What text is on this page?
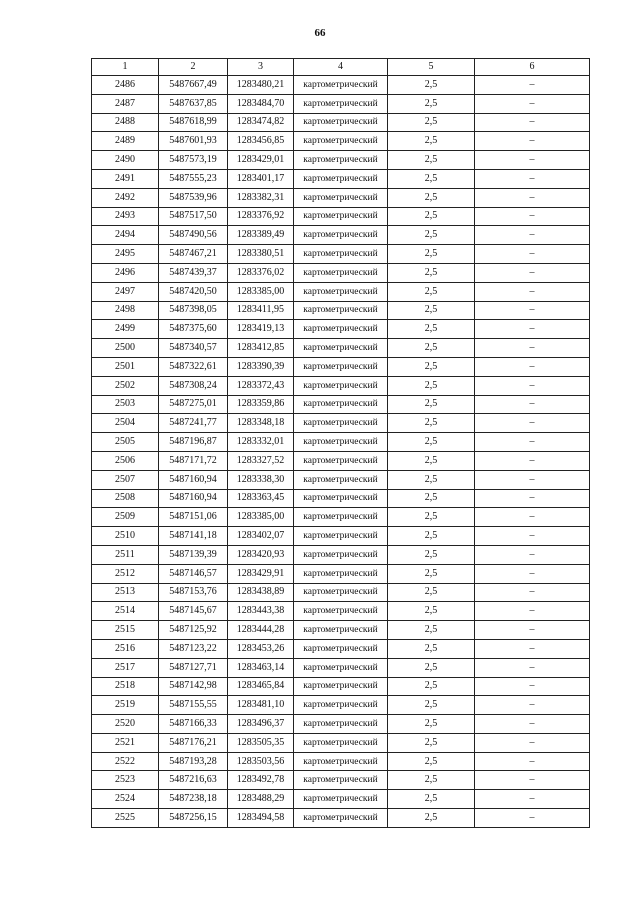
66
1	2	3	4	5	6
2486	5487667,49	1283480,21	картометрический	2,5	–
2487	5487637,85	1283484,70	картометрический	2,5	–
2488	5487618,99	1283474,82	картометрический	2,5	–
2489	5487601,93	1283456,85	картометрический	2,5	–
2490	5487573,19	1283429,01	картометрический	2,5	–
2491	5487555,23	1283401,17	картометрический	2,5	–
2492	5487539,96	1283382,31	картометрический	2,5	–
2493	5487517,50	1283376,92	картометрический	2,5	–
2494	5487490,56	1283389,49	картометрический	2,5	–
2495	5487467,21	1283380,51	картометрический	2,5	–
2496	5487439,37	1283376,02	картометрический	2,5	–
2497	5487420,50	1283385,00	картометрический	2,5	–
2498	5487398,05	1283411,95	картометрический	2,5	–
2499	5487375,60	1283419,13	картометрический	2,5	–
2500	5487340,57	1283412,85	картометрический	2,5	–
2501	5487322,61	1283390,39	картометрический	2,5	–
2502	5487308,24	1283372,43	картометрический	2,5	–
2503	5487275,01	1283359,86	картометрический	2,5	–
2504	5487241,77	1283348,18	картометрический	2,5	–
2505	5487196,87	1283332,01	картометрический	2,5	–
2506	5487171,72	1283327,52	картометрический	2,5	–
2507	5487160,94	1283338,30	картометрический	2,5	–
2508	5487160,94	1283363,45	картометрический	2,5	–
2509	5487151,06	1283385,00	картометрический	2,5	–
2510	5487141,18	1283402,07	картометрический	2,5	–
2511	5487139,39	1283420,93	картометрический	2,5	–
2512	5487146,57	1283429,91	картометрический	2,5	–
2513	5487153,76	1283438,89	картометрический	2,5	–
2514	5487145,67	1283443,38	картометрический	2,5	–
2515	5487125,92	1283444,28	картометрический	2,5	–
2516	5487123,22	1283453,26	картометрический	2,5	–
2517	5487127,71	1283463,14	картометрический	2,5	–
2518	5487142,98	1283465,84	картометрический	2,5	–
2519	5487155,55	1283481,10	картометрический	2,5	–
2520	5487166,33	1283496,37	картометрический	2,5	–
2521	5487176,21	1283505,35	картометрический	2,5	–
2522	5487193,28	1283503,56	картометрический	2,5	–
2523	5487216,63	1283492,78	картометрический	2,5	–
2524	5487238,18	1283488,29	картометрический	2,5	–
2525	5487256,15	1283494,58	картометрический	2,5	–
